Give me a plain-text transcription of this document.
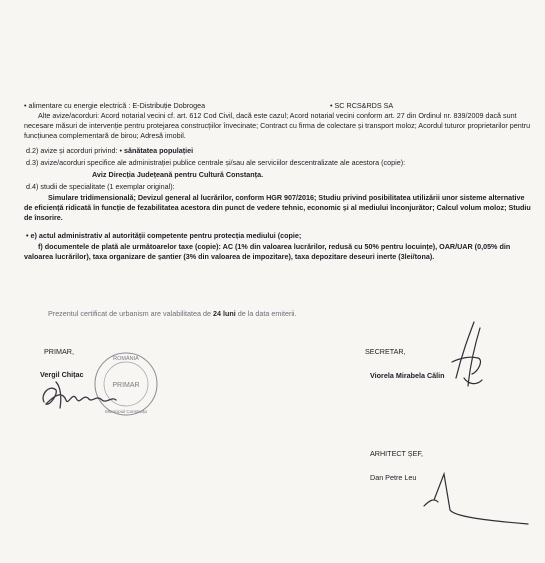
• alimentare cu energie electrică : E-Distribuție Dobrogea	• SC RCS&RDS SA
Alte avize/acorduri: Acord notarial vecini cf. art. 612 Cod Civil, dacă este cazul; Acord notarial vecini conform art. 27 din Ordinul nr. 839/2009 dacă sunt necesare măsuri de intervenție pentru protejarea construcțiilor învecinate; Contract cu firma de colectare și transport moloz; Acordul tuturor proprietarilor pentru funcțiunea complementară de birou; Adresă imobil.
d.2) avize și acorduri privind: • sănătatea populației
d.3) avize/acorduri specifice ale administrației publice centrale și/sau ale serviciilor descentralizate ale acestora (copie):
Aviz Direcția Județeană pentru Cultură Constanța.
d.4) studii de specialitate (1 exemplar original):
Simulare tridimensională; Devizul general al lucrărilor, conform HGR 907/2016; Studiu privind posibilitatea utilizării unor sisteme alternative de eficiență ridicată în funcție de fezabilitatea acestora din punct de vedere tehnic, economic și al mediului înconjurător; Calcul volum moloz; Studiu de însorire.
• e) actul administrativ al autorității competente pentru protecția mediului (copie;
f) documentele de plată ale următoarelor taxe (copie): AC (1% din valoarea lucrărilor, redusă cu 50% pentru locuințe), OAR/UAR (0,05% din valoarea lucrărilor), taxa organizare de șantier (3% din valoarea de impozitare), taxa depozitare deseuri inerte (3lei/tona).
Prezentul certificat de urbanism are valabilitatea de 24 luni de la data emiterii.
PRIMAR,
Vergil Chițac
ROMÂNIA
PRIMAR
Municipiul Constanța
SECRETAR,
Viorela Mirabela Călin
ARHITECT ȘEF,
Dan Petre Leu
